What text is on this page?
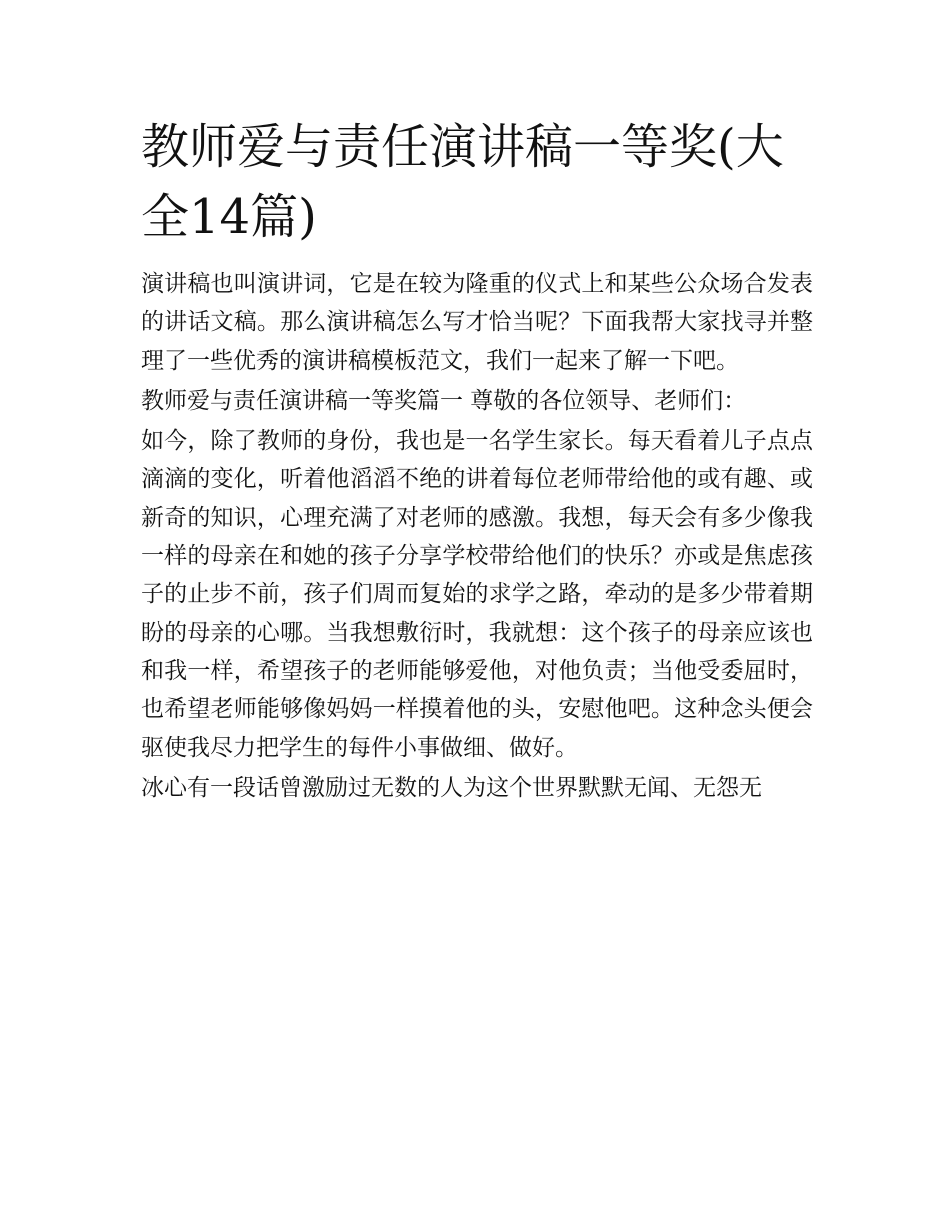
教师爱与责任演讲稿一等奖(大全14篇)

演讲稿也叫演讲词，它是在较为隆重的仪式上和某些公众场合发表的讲话文稿。那么演讲稿怎么写才恰当呢？下面我帮大家找寻并整理了一些优秀的演讲稿模板范文，我们一起来了解一下吧。

教师爱与责任演讲稿一等奖篇一 尊敬的各位领导、老师们：

如今，除了教师的身份，我也是一名学生家长。每天看着儿子点点滴滴的变化，听着他滔滔不绝的讲着每位老师带给他的或有趣、或新奇的知识，心理充满了对老师的感激。我想，每天会有多少像我一样的母亲在和她的孩子分享学校带给他们的快乐？亦或是焦虑孩子的止步不前，孩子们周而复始的求学之路，牵动的是多少带着期盼的母亲的心哪。当我想敷衍时，我就想：这个孩子的母亲应该也和我一样，希望孩子的老师能够爱他，对他负责；当他受委屈时，也希望老师能够像妈妈一样摸着他的头，安慰他吧。这种念头便会驱使我尽力把学生的每件小事做细、做好。

冰心有一段话曾激励过无数的人为这个世界默默无闻、无怨无
